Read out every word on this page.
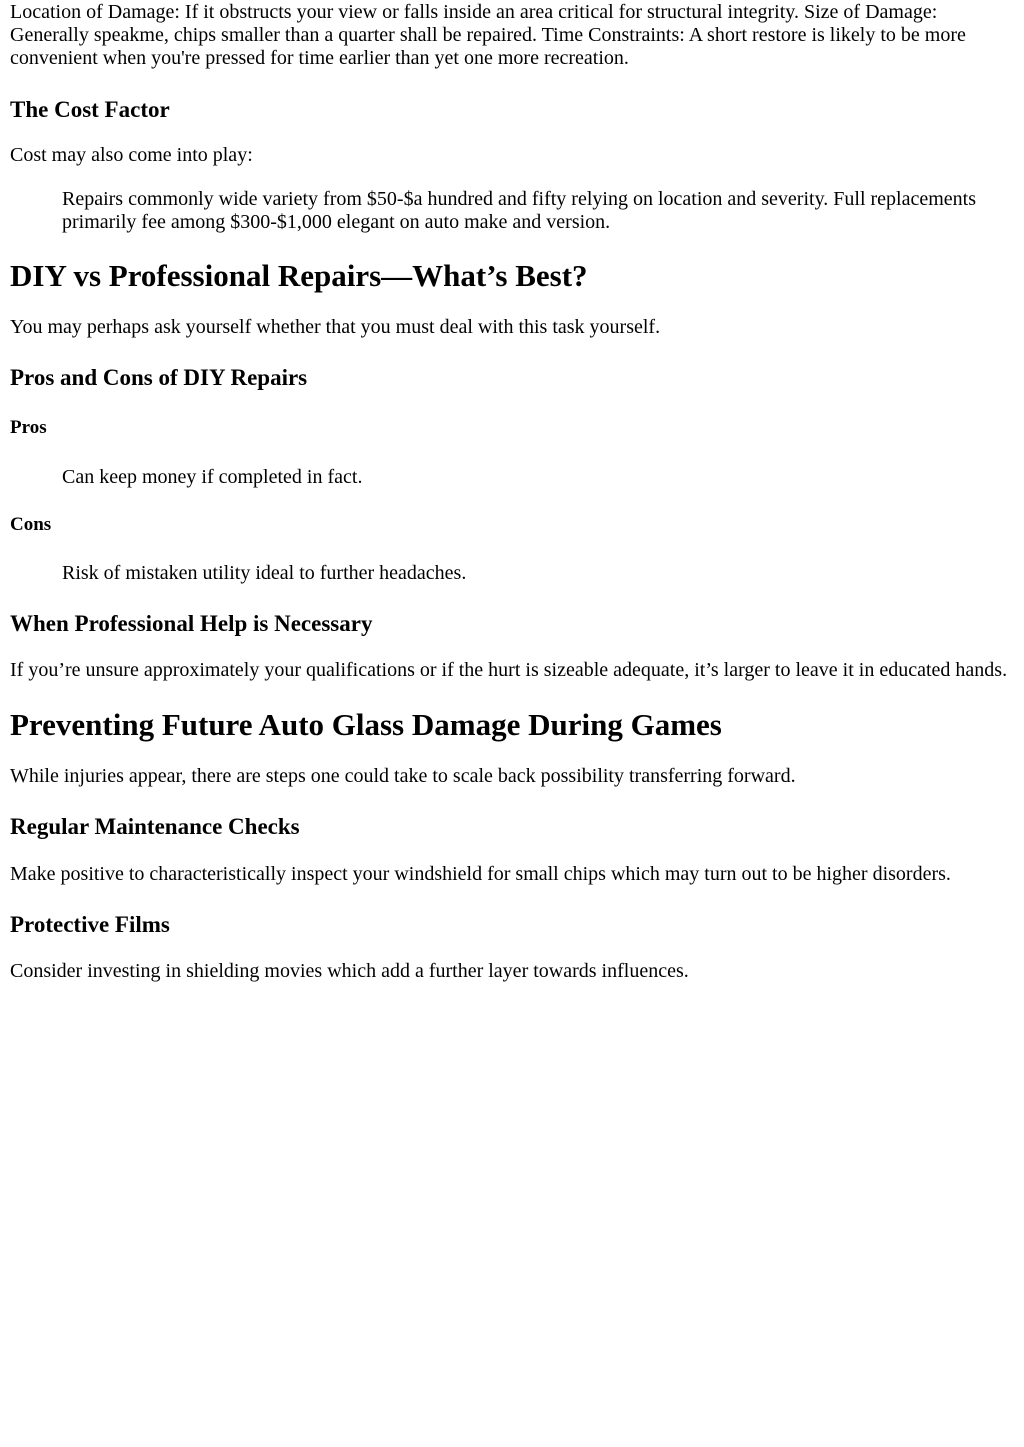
Location of Damage: If it obstructs your view or falls inside an area critical for structural integrity. Size of Damage: Generally speakme, chips smaller than a quarter shall be repaired. Time Constraints: A short restore is likely to be more convenient when you're pressed for time earlier than yet one more recreation.

The Cost Factor

Cost may also come into play:

Repairs commonly wide variety from $50-$a hundred and fifty relying on location and severity. Full replacements primarily fee among $300-$1,000 elegant on auto make and version.
DIY vs Professional Repairs—What’s Best?

You may perhaps ask yourself whether that you must deal with this task yourself.

Pros and Cons of DIY Repairs
Pros
Can keep money if completed in fact.
Cons
Risk of mistaken utility ideal to further headaches.
When Professional Help is Necessary

If you’re unsure approximately your qualifications or if the hurt is sizeable adequate, it’s larger to leave it in educated hands.

Preventing Future Auto Glass Damage During Games

While injuries appear, there are steps one could take to scale back possibility transferring forward.

Regular Maintenance Checks

Make positive to characteristically inspect your windshield for small chips which may turn out to be higher disorders.

Protective Films

Consider investing in shielding movies which add a further layer towards influences.
